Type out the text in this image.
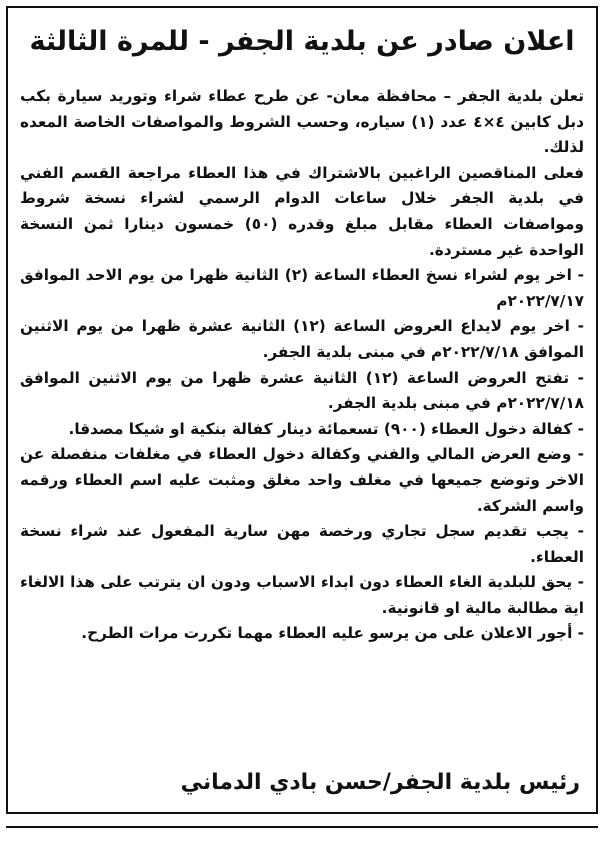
اعلان صادر عن بلدية الجفر - للمرة الثالثة

تعلن بلدية الجفر – محافظة معان- عن طرح عطاء شراء وتوريد سيارة بكب دبل كابين ٤×٤ عدد (١) سياره، وحسب الشروط والمواصفات الخاصة المعده لذلك.

فعلى المناقصين الراغبين بالاشتراك في هذا العطاء مراجعة القسم الفني في بلدية الجفر خلال ساعات الدوام الرسمي لشراء نسخة شروط ومواصفات العطاء مقابل مبلغ وقدره (٥٠) خمسون دينارا ثمن النسخة الواحدة غير مستردة.

- اخر يوم لشراء نسخ العطاء الساعة (٢) الثانية ظهرا من يوم الاحد الموافق ٢٠٢٢/٧/١٧م

- اخر يوم لايداع العروض الساعة (١٢) الثانية عشرة ظهرا من يوم الاثنين الموافق ٢٠٢٢/٧/١٨م في مبنى بلدية الجفر.

- تفتح العروض الساعة (١٢) الثانية عشرة ظهرا من يوم الاثنين الموافق ٢٠٢٢/٧/١٨م في مبنى بلدية الجفر.

- كفالة دخول العطاء (٩٠٠) تسعمائة دينار كفالة بنكية او شيكا مصدقا.

- وضع العرض المالي والفني وكفالة دخول العطاء في مغلفات منفصلة عن الاخر وتوضع جميعها في مغلف واحد مغلق ومثبت عليه اسم العطاء ورقمه واسم الشركة.

- يجب تقديم سجل تجاري ورخصة مهن سارية المفعول عند شراء نسخة العطاء.

- يحق للبلدية الغاء العطاء دون ابداء الاسباب ودون ان يترتب على هذا الالغاء اية مطالبة مالية او قانونية.

- أجور الاعلان على من يرسو عليه العطاء مهما تكررت مرات الطرح.

رئيس بلدية الجفر/حسن بادي الدماني
